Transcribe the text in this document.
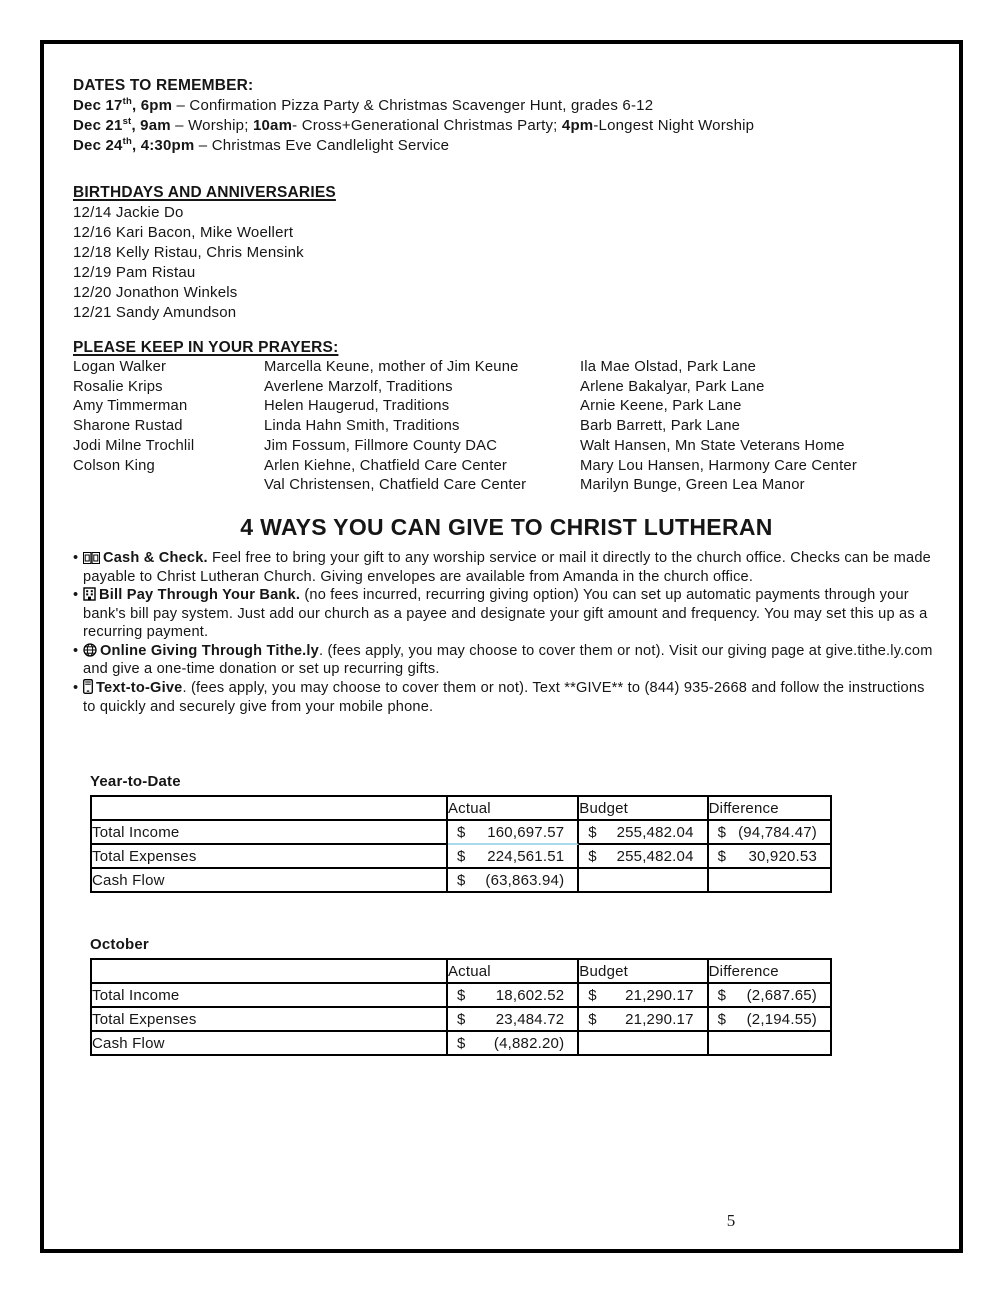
DATES TO REMEMBER:
Dec 17th, 6pm – Confirmation Pizza Party & Christmas Scavenger Hunt, grades 6-12
Dec 21st, 9am – Worship; 10am- Cross+Generational Christmas Party; 4pm-Longest Night Worship
Dec 24th, 4:30pm – Christmas Eve Candlelight Service
BIRTHDAYS AND ANNIVERSARIES
12/14 Jackie Do
12/16 Kari Bacon, Mike Woellert
12/18 Kelly Ristau, Chris Mensink
12/19 Pam Ristau
12/20 Jonathon Winkels
12/21 Sandy Amundson
PLEASE KEEP IN YOUR PRAYERS:
Logan Walker
Rosalie Krips
Amy Timmerman
Sharone Rustad
Jodi Milne Trochlil
Colson King
Marcella Keune, mother of Jim Keune
Averlene Marzolf, Traditions
Helen Haugerud, Traditions
Linda Hahn Smith, Traditions
Jim Fossum, Fillmore County DAC
Arlen Kiehne, Chatfield Care Center
Val Christensen, Chatfield Care Center
Ila Mae Olstad, Park Lane
Arlene Bakalyar, Park Lane
Arnie Keene, Park Lane
Barb Barrett, Park Lane
Walt Hansen, Mn State Veterans Home
Mary Lou Hansen, Harmony Care Center
Marilyn Bunge, Green Lea Manor
4 WAYS YOU CAN GIVE TO CHRIST LUTHERAN
• Cash & Check. Feel free to bring your gift to any worship service or mail it directly to the church office. Checks can be made payable to Christ Lutheran Church. Giving envelopes are available from Amanda in the church office.
• Bill Pay Through Your Bank. (no fees incurred, recurring giving option) You can set up automatic payments through your bank's bill pay system. Just add our church as a payee and designate your gift amount and frequency. You may set this up as a recurring payment.
• Online Giving Through Tithe.ly. (fees apply, you may choose to cover them or not). Visit our giving page at give.tithe.ly.com and give a one-time donation or set up recurring gifts.
• Text-to-Give. (fees apply, you may choose to cover them or not). Text **GIVE** to (844) 935-2668 and follow the instructions to quickly and securely give from your mobile phone.
Year-to-Date
	Actual	Budget	Difference
Total Income	$ 160,697.57	$ 255,482.04	$ (94,784.47)

Total Expenses	$ 224,561.51	$ 255,482.04	$ 30,920.53

Cash Flow	$ (63,863.94)		

October
	Actual	Budget	Difference
Total Income	$ 18,602.52	$ 21,290.17	$ (2,687.65)

Total Expenses	$ 23,484.72	$ 21,290.17	$ (2,194.55)

Cash Flow	$ (4,882.20)		

5
